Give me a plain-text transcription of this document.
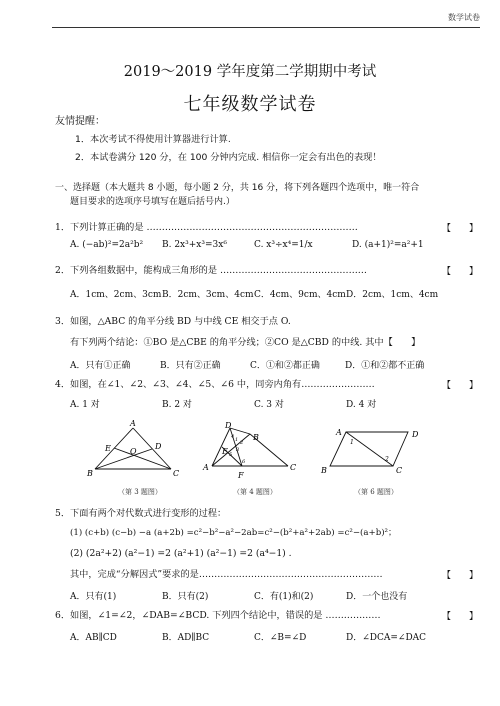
数学试卷
2019～2019 学年度第二学期期中考试
七年级数学试卷
友情提醒：
1．本次考试不得使用计算器进行计算.
2．本试卷满分 120 分，在 100 分钟内完成. 相信你一定会有出色的表现！
一、选择题（本大题共 8 小题，每小题 2 分，共 16 分，将下列各题四个选项中，唯一符合
题目要求的选项序号填写在题后括号内.）
1．下列计算正确的是 ……………………………………………………………	【　　】
A. (−ab)²=2a²b² B. 2x³+x³=3x⁶	C. x³÷x⁴=1/x	D. (a+1)²=a²+1
2．下列各组数据中，能构成三角形的是 …………………………………………	【　　】
A．1cm、2cm、3cmB．2cm、3cm、4cmC．4cm、9cm、4cmD．2cm、1cm、4cm
3．如图，△ABC 的角平分线 BD 与中线 CE 相交于点 O.
有下列两个结论：①BO 是△CBE 的角平分线；②CO 是△CBD 的中线. 其中【　　】
A．只有①正确	B．只有②正确	C．①和②都正确	D．①和②都不正确
4．如图，在∠1、∠2、∠3、∠4、∠5、∠6 中，同旁内角有……………………	【　　】
A. 1 对	B. 2 对	C. 3 对	D. 4 对
A
E O
D
B	C
（第 3 题图）
D
B
E
A
F
C
1 2
3
4
5
6
（第 4 题图）
A	D
B	C
1
2
（第 6 题图）
5．下面有两个对代数式进行变形的过程：
(1) (c+b) (c−b) −a (a+2b) =c²−b²−a²−2ab=c²−(b²+a²+2ab) =c²−(a+b)²；
(2) (2a²+2) (a²−1) =2 (a²+1) (a²−1) =2 (a⁴−1) .
其中，完成“分解因式”要求的是……………………………………………………	【　　】
A．只有(1)	B．只有(2)	C．有(1)和(2)	D．一个也没有
6．如图，∠1=∠2，∠DAB=∠BCD. 下列四个结论中，错误的是 ………………	【　　】
A．AB∥CD	B．AD∥BC	C．∠B=∠D	D．∠DCA=∠DAC
